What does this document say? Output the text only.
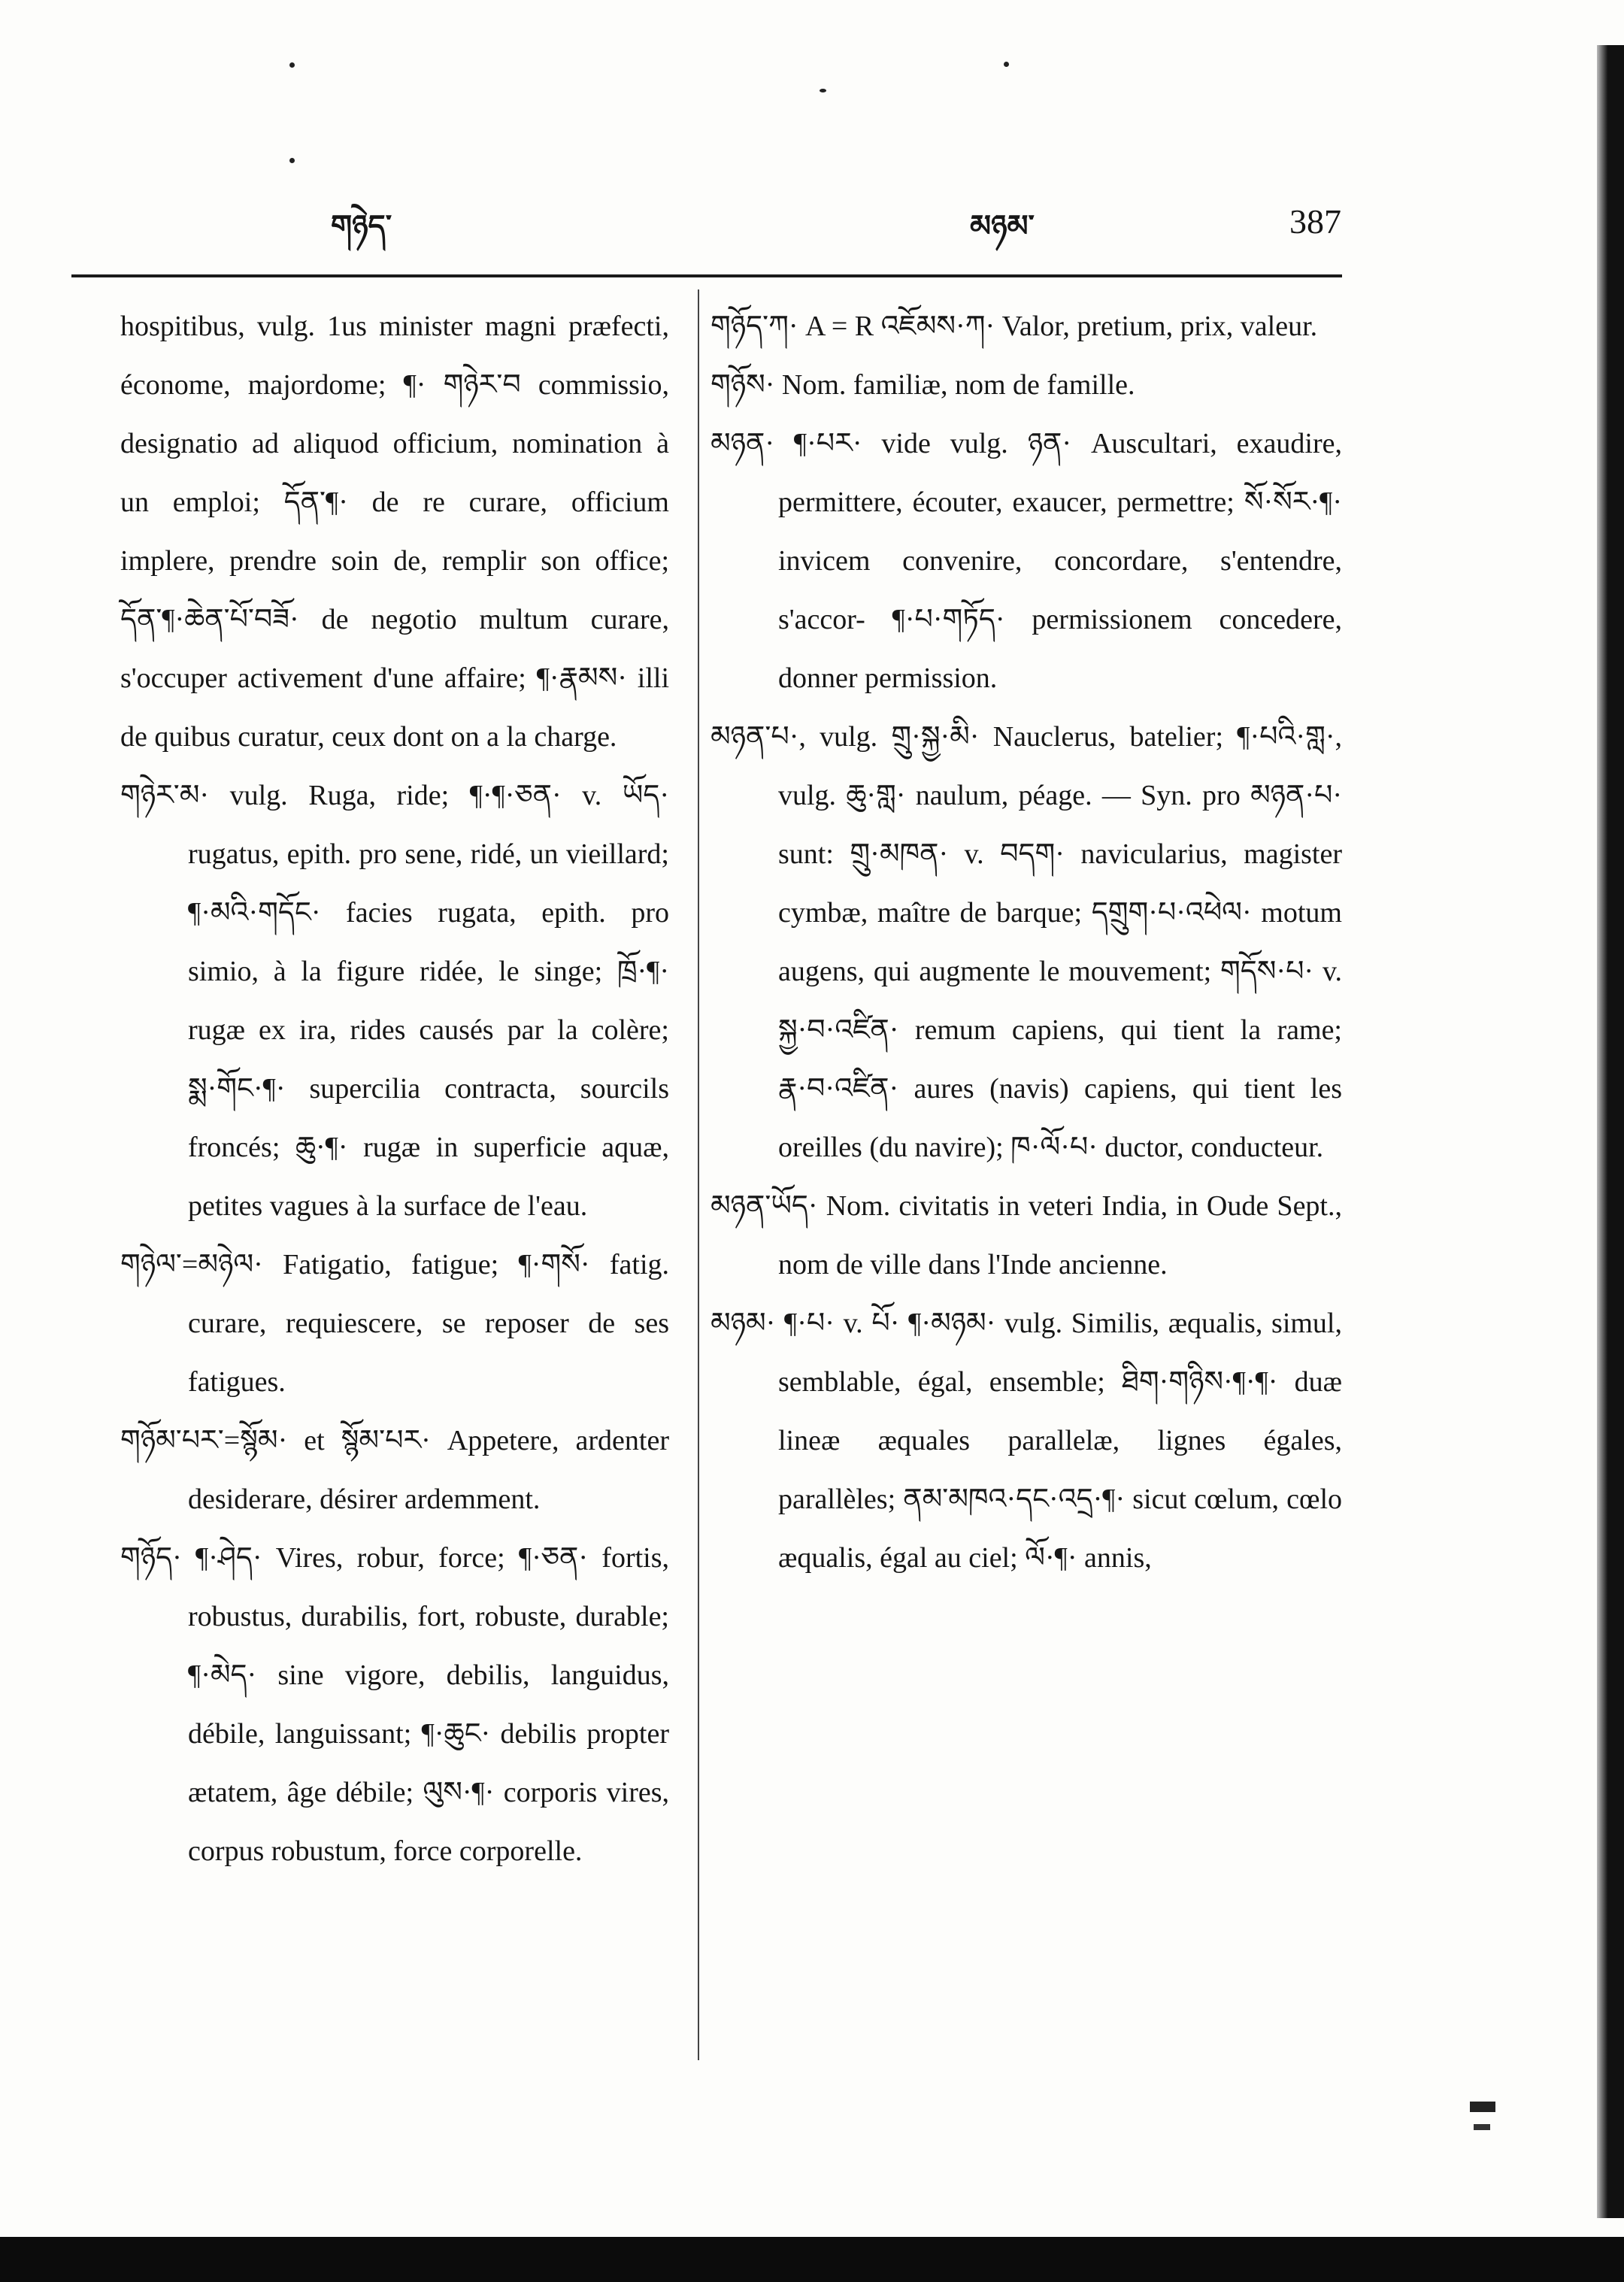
གཉེད་	མཉམ་	387

hospitibus, vulg. 1us minister magni præfecti, économe, majordome; ¶· གཉེར་བ commissio, designatio ad aliquod officium, nomination à un emploi; དོན་¶· de re curare, officium implere, prendre soin de, remplir son office; དོན་¶·ཆེན་པོ་བཟོ· de negotio multum curare, s'occuper activement d'une affaire; ¶·རྣམས· illi de quibus curatur, ceux dont on a la charge.

གཉེར་མ· vulg. Ruga, ride; ¶·¶·ཅན· v. ཡོད· rugatus, epith. pro sene, ridé, un vieillard; ¶·མའི·གདོང· facies rugata, epith. pro simio, à la figure ridée, le singe; ཁྲོ·¶· rugæ ex ira, rides causés par la colère; སྨ·གོང·¶· supercilia contracta, sourcils froncés; ཆུ·¶· rugæ in superficie aquæ, petites vagues à la surface de l'eau.

གཉེལ་=མཉེལ· Fatigatio, fatigue; ¶·གསོ· fatig. curare, requiescere, se reposer de ses fatigues.

གཉོམ་པར་=སྙོམ· et སྙོམ་པར· Appetere, ardenter desiderare, désirer ardemment.

གཉོད· ¶·ཤེད· Vires, robur, force; ¶·ཅན· fortis, robustus, durabilis, fort, robuste, durable; ¶·མེད· sine vigore, debilis, languidus, débile, languissant; ¶·ཆུང· debilis propter ætatem, âge débile; ལུས·¶· corporis vires, corpus robustum, force corporelle.

གཉོད་ཀ· A = R འཇོམས·ཀ· Valor, pretium, prix, valeur.

གཉོས· Nom. familiæ, nom de famille.

མཉན· ¶·པར· vide vulg. ཉན· Auscultari, exaudire, permittere, écouter, exaucer, permettre; སོ·སོར·¶· invicem convenire, concordare, s'entendre, s'accor- ¶·པ·གཏོད· permissionem concedere, donner permission.

མཉན་པ·, vulg. གྲུ·སྐྱ·མི· Nauclerus, batelier; ¶·པའི·གླ·, vulg. ཆུ·གླ· naulum, péage. — Syn. pro མཉན·པ· sunt: གྲུ·མཁན· v. བདག· navicularius, magister cymbæ, maître de barque; དགྲུག·པ·འཕེལ· motum augens, qui augmente le mouvement; གདོས·པ· v. སྐྱ·བ·འཛིན· remum capiens, qui tient la rame; རྣ·བ·འཛིན· aures (navis) capiens, qui tient les oreilles (du navire); ཁ·ལོ·པ· ductor, conducteur.

མཉན་ཡོད· Nom. civitatis in veteri India, in Oude Sept., nom de ville dans l'Inde ancienne.

མཉམ· ¶·པ· v. པོ· ¶·མཉམ· vulg. Similis, æqualis, simul, semblable, égal, ensemble; ཐིག·གཉིས·¶·¶· duæ lineæ æquales parallelæ, lignes égales, parallèles; ནམ་མཁའ·དང·འདྲ·¶· sicut cœlum, cœlo æqualis, égal au ciel; ལོ·¶· annis,
